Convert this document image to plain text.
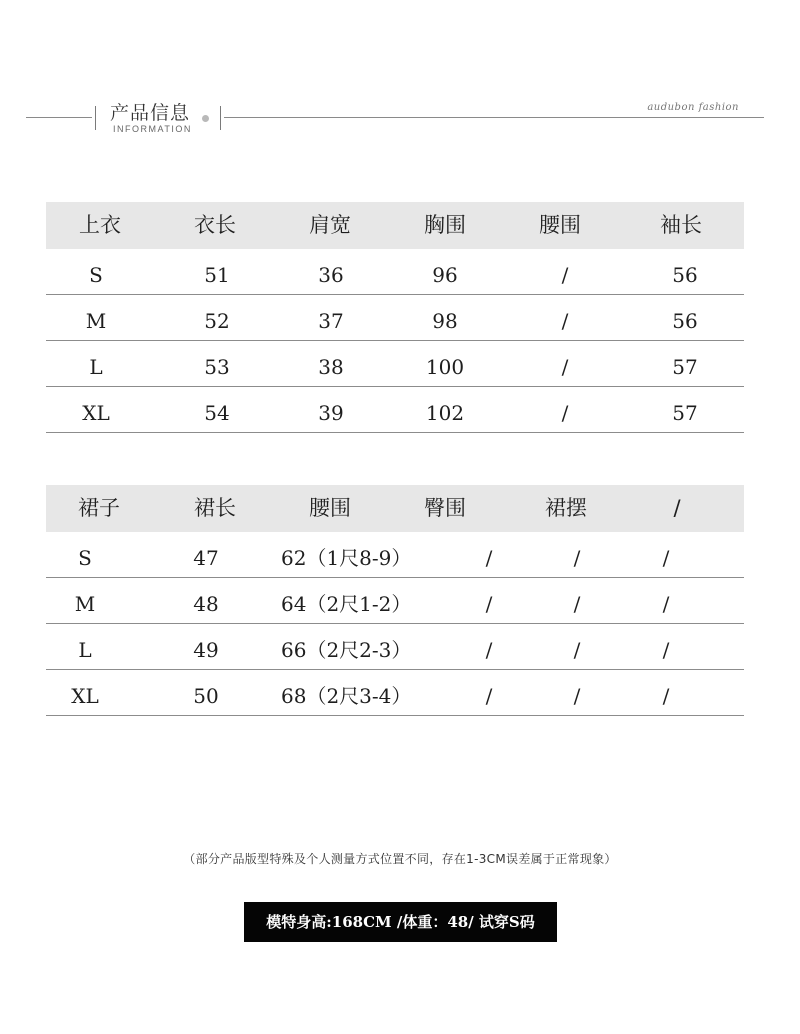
产品信息
INFORMATION
audubon fashion
上衣	衣长	肩宽	胸围	腰围	袖长
S	51	36	96	/	56
M	52	37	98	/	56
L	53	38	100	/	57
XL	54	39	102	/	57
裙子	裙长	腰围	臀围	裙摆	/
S	47	62（1尺8-9）	/	/	/
M	48	64（2尺1-2）	/	/	/
L	49	66（2尺2-3）	/	/	/
XL	50	68（2尺3-4）	/	/	/
（部分产品版型特殊及个人测量方式位置不同，存在1-3CM误差属于正常现象）
模特身高:168CM /体重：48/ 试穿S码
